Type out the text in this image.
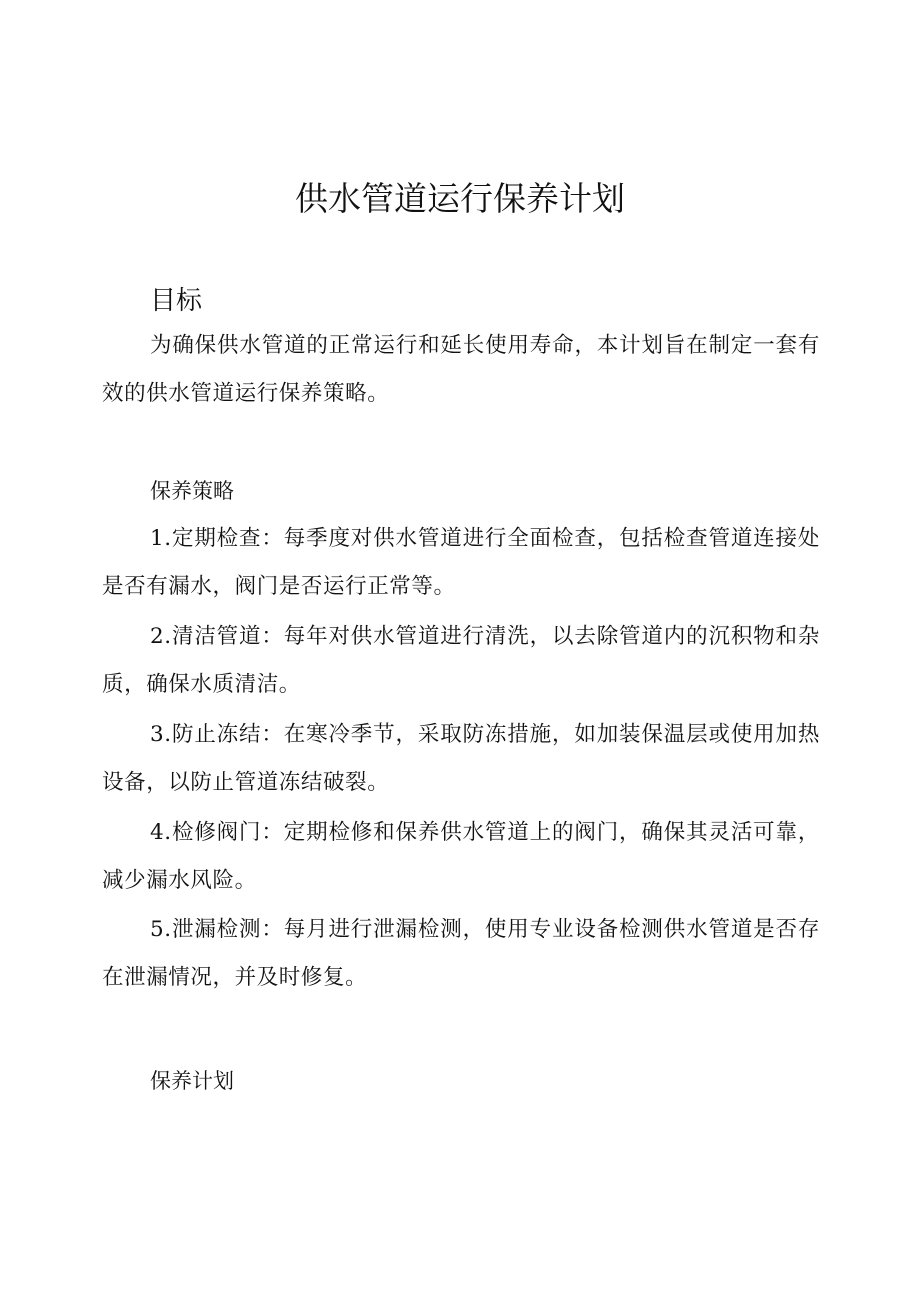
供水管道运行保养计划
目标

为确保供水管道的正常运行和延长使用寿命，本计划旨在制定一套有效的供水管道运行保养策略。

保养策略

1.定期检查：每季度对供水管道进行全面检查，包括检查管道连接处是否有漏水，阀门是否运行正常等。

2.清洁管道：每年对供水管道进行清洗，以去除管道内的沉积物和杂质，确保水质清洁。

3.防止冻结：在寒冷季节，采取防冻措施，如加装保温层或使用加热设备，以防止管道冻结破裂。

4.检修阀门：定期检修和保养供水管道上的阀门，确保其灵活可靠，减少漏水风险。

5.泄漏检测：每月进行泄漏检测，使用专业设备检测供水管道是否存在泄漏情况，并及时修复。

保养计划
